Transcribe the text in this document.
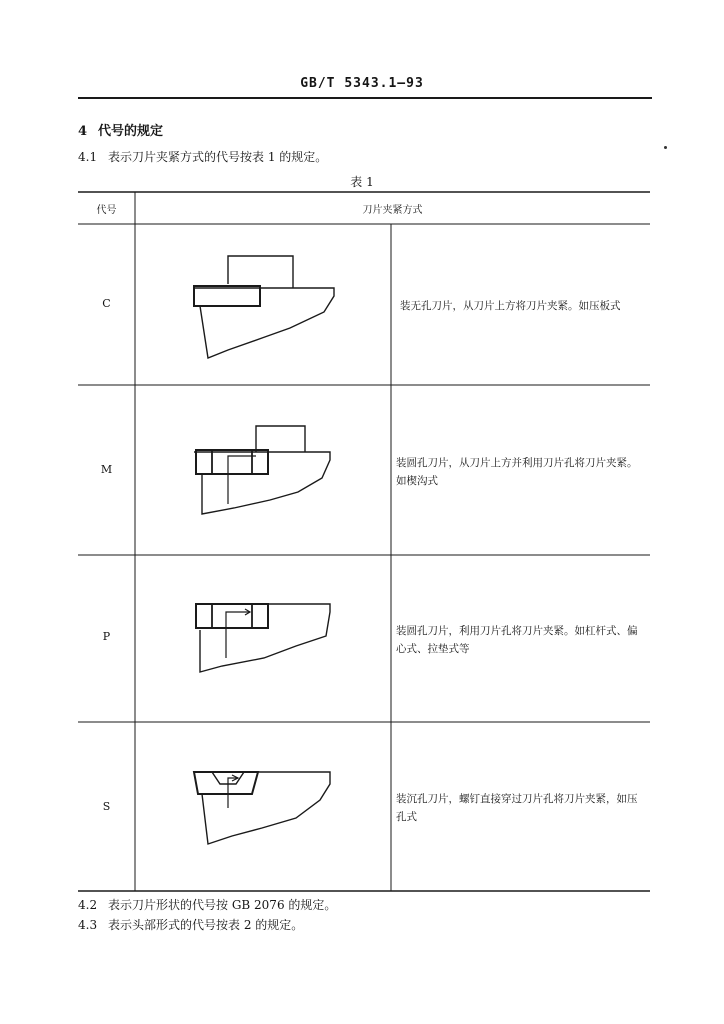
GB/T 5343.1—93
4 代号的规定
4.1 表示刀片夹紧方式的代号按表 1 的规定。
表 1
代号	刀片夹紧方式
C
M
P
S
装无孔刀片，从刀片上方将刀片夹紧。如压板式
装圆孔刀片，从刀片上方并利用刀片孔将刀片夹紧。如楔沟式
装圆孔刀片，利用刀片孔将刀片夹紧。如杠杆式、偏心式、拉垫式等
装沉孔刀片，螺钉直接穿过刀片孔将刀片夹紧，如压孔式
4.2 表示刀片形状的代号按 GB 2076 的规定。
4.3 表示头部形式的代号按表 2 的规定。
